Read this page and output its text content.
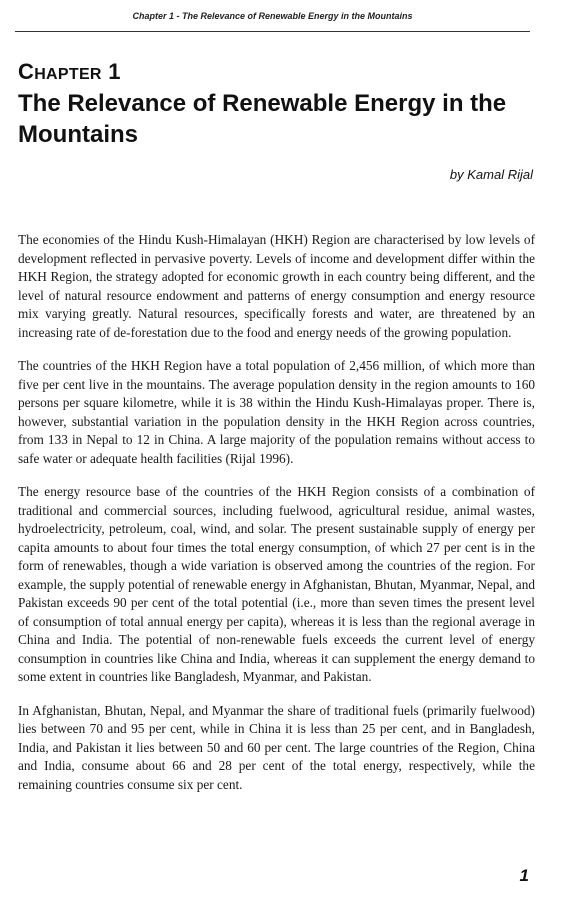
Chapter 1 - The Relevance of Renewable Energy in the Mountains
CHAPTER 1
The Relevance of Renewable Energy in the Mountains
by Kamal Rijal

The economies of the Hindu Kush-Himalayan (HKH) Region are characterised by low levels of development reflected in pervasive poverty. Levels of income and development differ within the HKH Region, the strategy adopted for economic growth in each country being different, and the level of natural resource endowment and patterns of energy consumption and energy resource mix varying greatly. Natural resources, specifically forests and water, are threatened by an increasing rate of de-forestation due to the food and energy needs of the growing population.

The countries of the HKH Region have a total population of 2,456 million, of which more than five per cent live in the mountains. The average population density in the region amounts to 160 persons per square kilometre, while it is 38 within the Hindu Kush-Himalayas proper. There is, however, substantial variation in the population density in the HKH Region across countries, from 133 in Nepal to 12 in China. A large majority of the population remains without access to safe water or adequate health facilities (Rijal 1996).

The energy resource base of the countries of the HKH Region consists of a combination of traditional and commercial sources, including fuelwood, agricultural residue, animal wastes, hydroelectricity, petroleum, coal, wind, and solar. The present sustainable supply of energy per capita amounts to about four times the total energy consumption, of which 27 per cent is in the form of renewables, though a wide variation is observed among the countries of the region. For example, the supply potential of renewable energy in Afghanistan, Bhutan, Myanmar, Nepal, and Pakistan exceeds 90 per cent of the total potential (i.e., more than seven times the present level of consumption of total annual energy per capita), whereas it is less than the regional average in China and India. The potential of non-renewable fuels exceeds the current level of energy consumption in countries like China and India, whereas it can supplement the energy demand to some extent in countries like Bangladesh, Myanmar, and Pakistan.

In Afghanistan, Bhutan, Nepal, and Myanmar the share of traditional fuels (primarily fuelwood) lies between 70 and 95 per cent, while in China it is less than 25 per cent, and in Bangladesh, India, and Pakistan it lies between 50 and 60 per cent. The large countries of the Region, China and India, consume about 66 and 28 per cent of the total energy, respectively, while the remaining countries consume six per cent.

1
